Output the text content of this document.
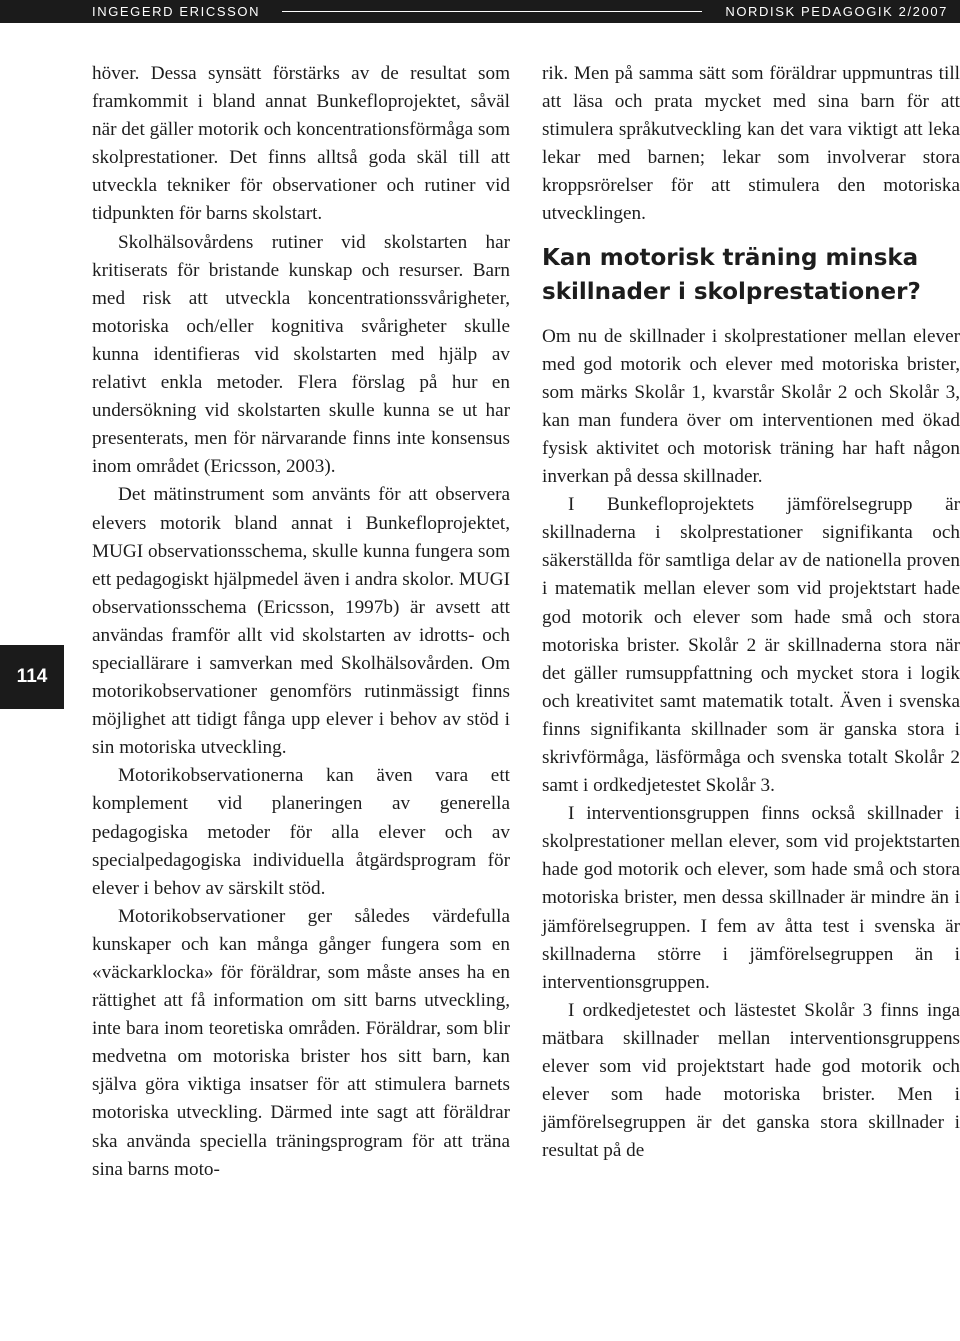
INGEGERD ERICSSON	NORDISK PEDAGOGIK 2/2007
114

höver. Dessa synsätt förstärks av de resultat som framkommit i bland annat Bunkefloprojektet, såväl när det gäller motorik och koncentrationsförmåga som skolprestationer. Det finns alltså goda skäl till att utveckla tekniker för observationer och rutiner vid tidpunkten för barns skolstart.

Skolhälsovårdens rutiner vid skolstarten har kritiserats för bristande kunskap och resurser. Barn med risk att utveckla koncentrationssvårigheter, motoriska och/eller kognitiva svårigheter skulle kunna identifieras vid skolstarten med hjälp av relativt enkla metoder. Flera förslag på hur en undersökning vid skolstarten skulle kunna se ut har presenterats, men för närvarande finns inte konsensus inom området (Ericsson, 2003).

Det mätinstrument som använts för att observera elevers motorik bland annat i Bunkefloprojektet, MUGI observationsschema, skulle kunna fungera som ett pedagogiskt hjälpmedel även i andra skolor. MUGI observationsschema (Ericsson, 1997b) är avsett att användas framför allt vid skolstarten av idrotts- och speciallärare i samverkan med Skolhälsovården. Om motorikobservationer genomförs rutinmässigt finns möjlighet att tidigt fånga upp elever i behov av stöd i sin motoriska utveckling.

Motorikobservationerna kan även vara ett komplement vid planeringen av generella pedagogiska metoder för alla elever och av specialpedagogiska individuella åtgärdsprogram för elever i behov av särskilt stöd.

Motorikobservationer ger således värdefulla kunskaper och kan många gånger fungera som en «väckarklocka» för föräldrar, som måste anses ha en rättighet att få information om sitt barns utveckling, inte bara inom teoretiska områden. Föräldrar, som blir medvetna om motoriska brister hos sitt barn, kan själva göra viktiga insatser för att stimulera barnets motoriska utveckling. Därmed inte sagt att föräldrar ska använda speciella träningsprogram för att träna sina barns moto-

rik. Men på samma sätt som föräldrar uppmuntras till att läsa och prata mycket med sina barn för att stimulera språkutveckling kan det vara viktigt att leka lekar med barnen; lekar som involverar stora kroppsrörelser för att stimulera den motoriska utvecklingen.

Kan motorisk träning minska skillnader i skolprestationer?

Om nu de skillnader i skolprestationer mellan elever med god motorik och elever med motoriska brister, som märks Skolår 1, kvarstår Skolår 2 och Skolår 3, kan man fundera över om interventionen med ökad fysisk aktivitet och motorisk träning har haft någon inverkan på dessa skillnader.

I Bunkefloprojektets jämförelsegrupp är skillnaderna i skolprestationer signifikanta och säkerställda för samtliga delar av de nationella proven i matematik mellan elever som vid projektstart hade god motorik och elever som hade små och stora motoriska brister. Skolår 2 är skillnaderna stora när det gäller rumsuppfattning och mycket stora i logik och kreativitet samt matematik totalt. Även i svenska finns signifikanta skillnader som är ganska stora i skrivförmåga, läsförmåga och svenska totalt Skolår 2 samt i ordkedjetestet Skolår 3.

I interventionsgruppen finns också skillnader i skolprestationer mellan elever, som vid projektstarten hade god motorik och elever, som hade små och stora motoriska brister, men dessa skillnader är mindre än i jämförelsegruppen. I fem av åtta test i svenska är skillnaderna större i jämförelsegruppen än i interventionsgruppen.

I ordkedjetestet och lästestet Skolår 3 finns inga mätbara skillnader mellan interventionsgruppens elever som vid projektstart hade god motorik och elever som hade motoriska brister. Men i jämförelsegruppen är det ganska stora skillnader i resultat på de
